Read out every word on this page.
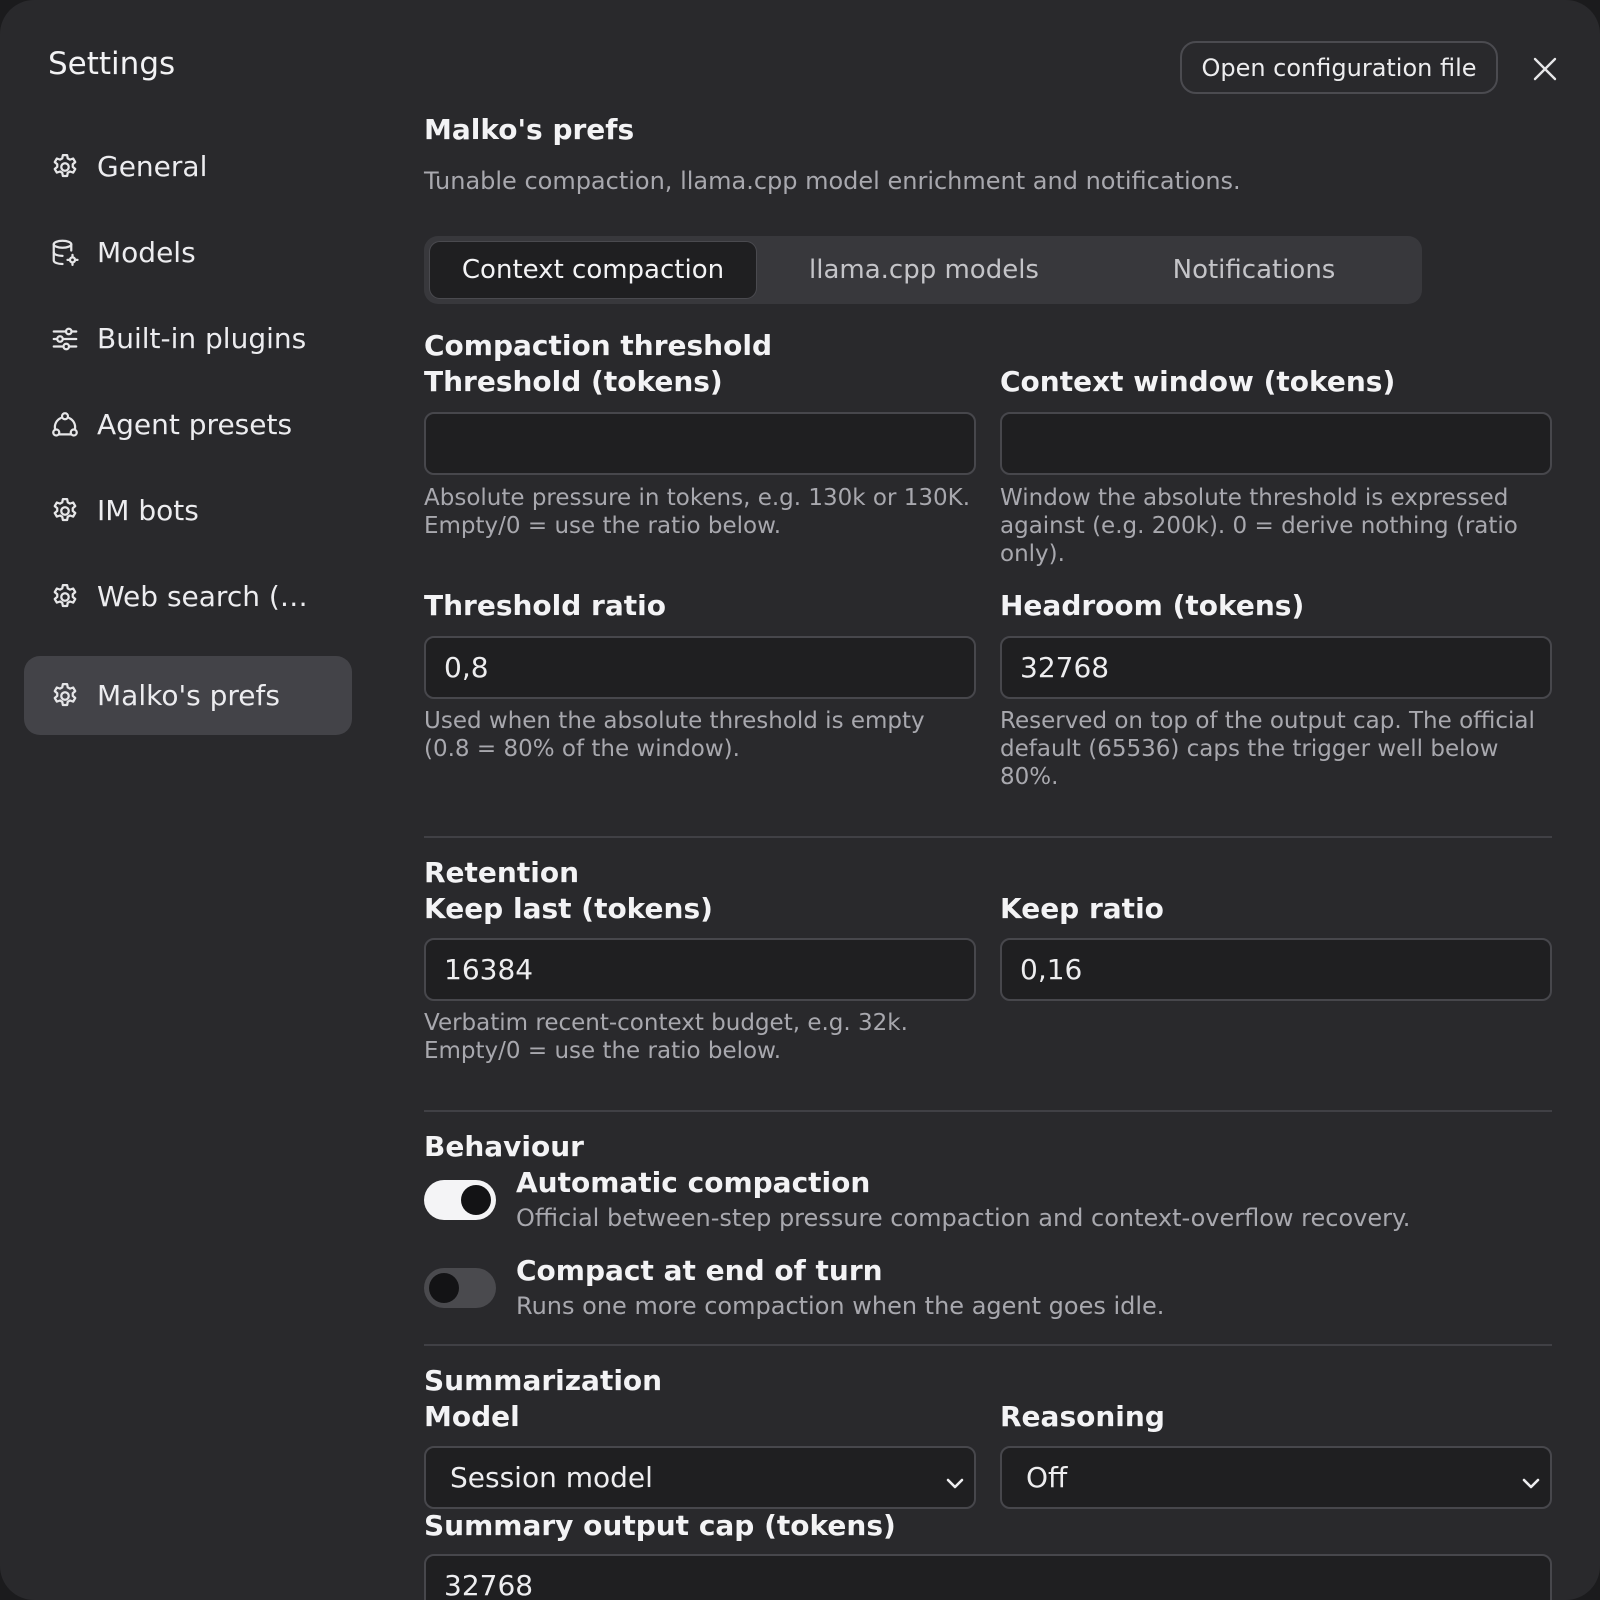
Settings	Open configuration file
General
Models
Built-in plugins
Agent presets
IM bots
Web search (…
Malko's prefs
Malko's prefs
Tunable compaction, llama.cpp model enrichment and notifications.
Context compaction	llama.cpp models	Notifications
Compaction threshold
Threshold (tokens)
Absolute pressure in tokens, e.g. 130k or 130K. Empty/0 = use the ratio below.
Context window (tokens)
Window the absolute threshold is expressed against (e.g. 200k). 0 = derive nothing (ratio only).
Threshold ratio
0,8
Used when the absolute threshold is empty (0.8 = 80% of the window).
Headroom (tokens)
32768
Reserved on top of the output cap. The official default (65536) caps the trigger well below 80%.
Retention
Keep last (tokens)
16384
Verbatim recent-context budget, e.g. 32k. Empty/0 = use the ratio below.
Keep ratio
0,16
Behaviour
Automatic compaction
Official between-step pressure compaction and context-overflow recovery.
Compact at end of turn
Runs one more compaction when the agent goes idle.
Summarization
Model
Session model
Reasoning
Off
Summary output cap (tokens)
32768
